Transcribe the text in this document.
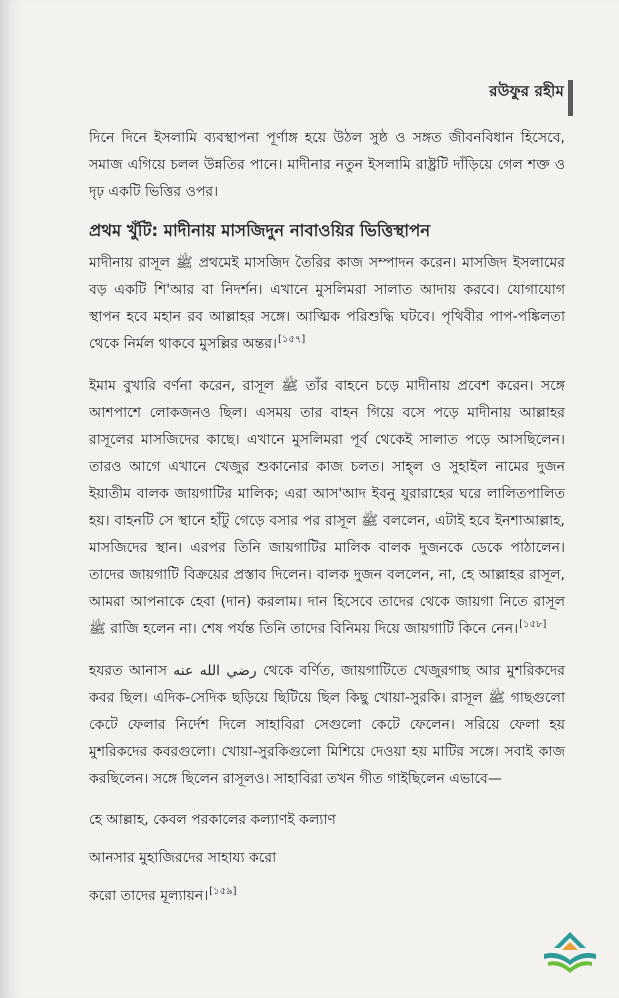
রউফুর রহীম

দিনে দিনে ইসলামি ব্যবস্থাপনা পূর্ণাঙ্গ হয়ে উঠল সুষ্ঠ ও সঙ্গত জীবনবিধান হিসেবে, সমাজ এগিয়ে চলল উন্নতির পানে। মাদীনার নতুন ইসলামি রাষ্ট্রটি দাঁড়িয়ে গেল শক্ত ও দৃঢ় একটি ভিত্তির ওপর।

প্রথম খুঁটি: মাদীনায় মাসজিদুন নাবাওয়ির ভিত্তিস্থাপন

মাদীনায় রাসূল ﷺ প্রথমেই মাসজিদ তৈরির কাজ সম্পাদন করেন। মাসজিদ ইসলামের বড় একটি শি'আর বা নিদর্শন। এখানে মুসলিমরা সালাত আদায় করবে। যোগাযোগ স্থাপন হবে মহান রব আল্লাহর সঙ্গে। আত্মিক পরিশুদ্ধি ঘটবে। পৃথিবীর পাপ-পঙ্কিলতা থেকে নির্মল থাকবে মুসল্লির অন্তর।[১৫৭]

ইমাম বুখারি বর্ণনা করেন, রাসূল ﷺ তাঁর বাহনে চড়ে মাদীনায় প্রবেশ করেন। সঙ্গে আশপাশে লোকজনও ছিল। এসময় তার বাহন গিয়ে বসে পড়ে মাদীনায় আল্লাহর রাসূলের মাসজিদের কাছে। এখানে মুসলিমরা পূর্ব থেকেই সালাত পড়ে আসছিলেন। তারও আগে এখানে খেজুর শুকানোর কাজ চলত। সাহ্‌ল ও সুহাইল নামের দুজন ইয়াতীম বালক জায়গাটির মালিক; এরা আস'আদ ইবনু যুরারাহের ঘরে লালিতপালিত হয়। বাহনটি সে স্থানে হাঁটু গেড়ে বসার পর রাসূল ﷺ বললেন, এটাই হবে ইনশাআল্লাহ, মাসজিদের স্থান। এরপর তিনি জায়গাটির মালিক বালক দুজনকে ডেকে পাঠালেন। তাদের জায়গাটি বিক্রয়ের প্রস্তাব দিলেন। বালক দুজন বললেন, না, হে আল্লাহর রাসূল, আমরা আপনাকে হেবা (দান) করলাম। দান হিসেবে তাদের থেকে জায়গা নিতে রাসূল ﷺ রাজি হলেন না। শেষ পর্যন্ত তিনি তাদের বিনিময় দিয়ে জায়গাটি কিনে নেন।[১৫৮]

হযরত আনাস رضي الله عنه থেকে বর্ণিত, জায়গাটিতে খেজুরগাছ আর মুশরিকদের কবর ছিল। এদিক-সেদিক ছড়িয়ে ছিটিয়ে ছিল কিছু খোয়া-সুরকি। রাসূল ﷺ গাছগুলো কেটে ফেলার নির্দেশ দিলে সাহাবিরা সেগুলো কেটে ফেলেন। সরিয়ে ফেলা হয় মুশরিকদের কবরগুলো। খোয়া-সুরকিগুলো মিশিয়ে দেওয়া হয় মাটির সঙ্গে। সবাই কাজ করছিলেন। সঙ্গে ছিলেন রাসূলও। সাহাবিরা তখন গীত গাইছিলেন এভাবে—

হে আল্লাহ, কেবল পরকালের কল্যাণই কল্যাণ

আনসার মুহাজিরদের সাহায্য করো

করো তাদের মূল্যায়ন।[১৫৯]
